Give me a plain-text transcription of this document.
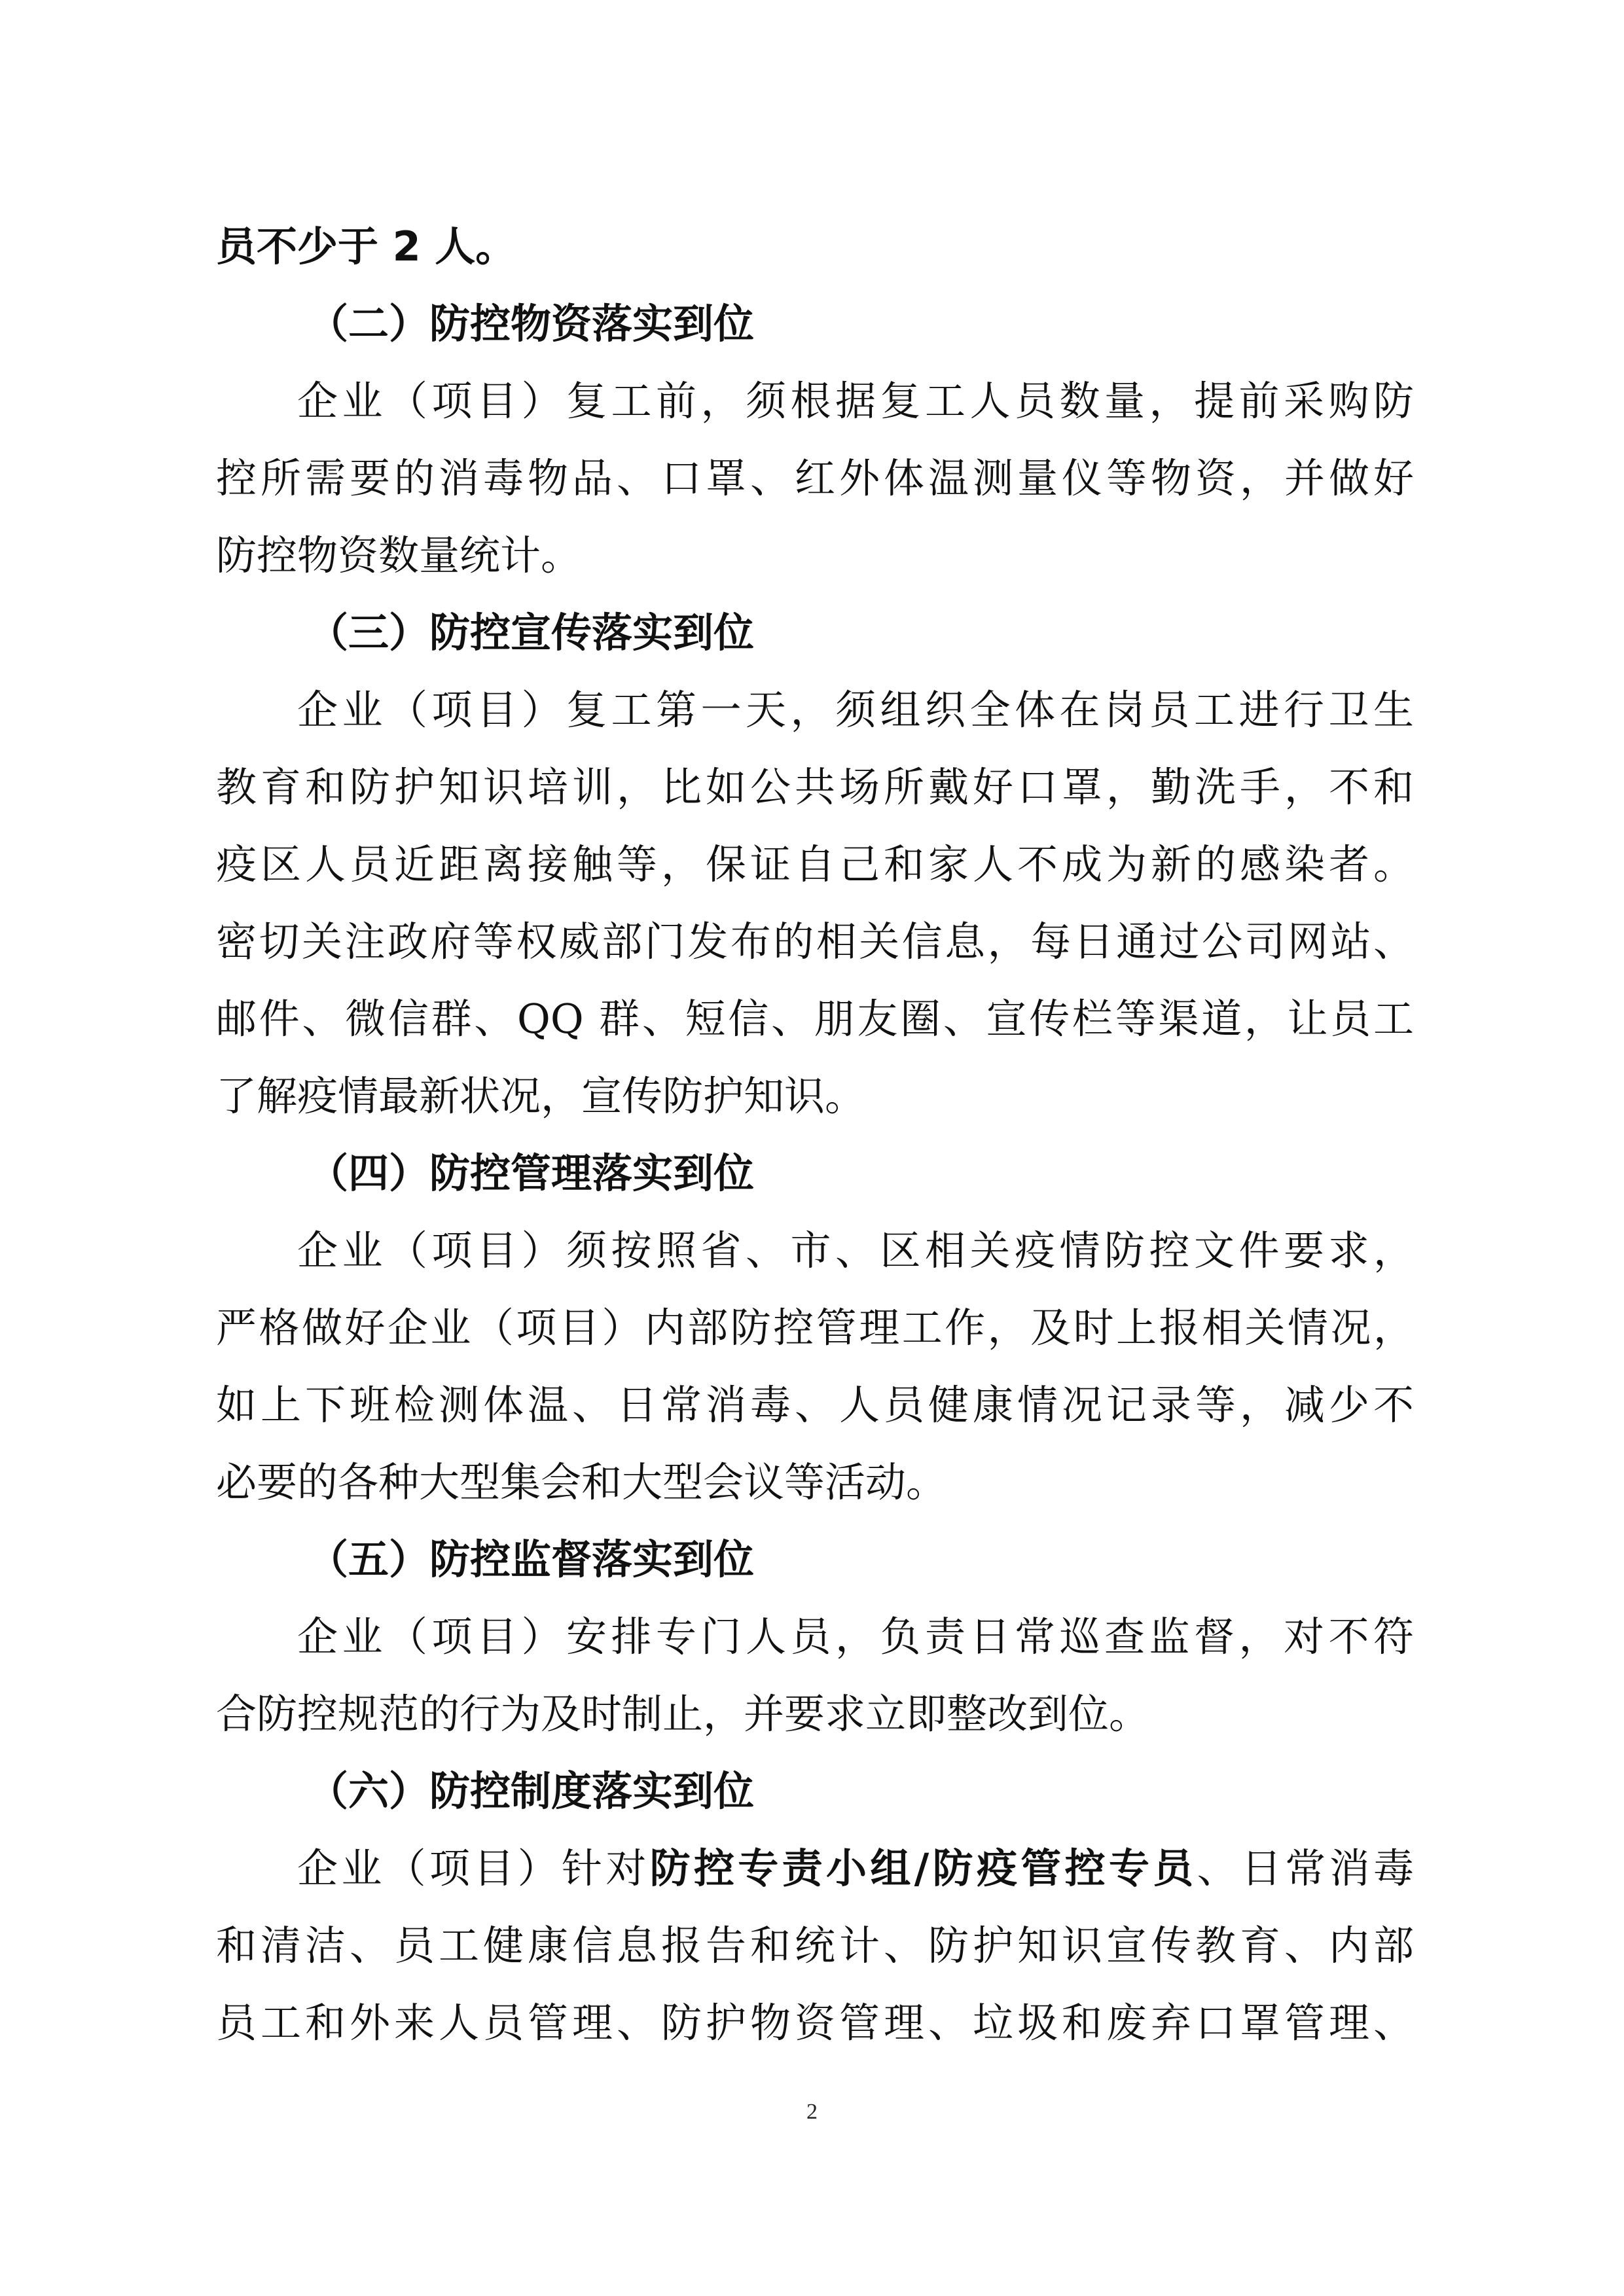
员不少于 2 人。
（二）防控物资落实到位
企业（项目）复工前，须根据复工人员数量，提前采购防
控所需要的消毒物品、口罩、红外体温测量仪等物资，并做好
防控物资数量统计。
（三）防控宣传落实到位
企业（项目）复工第一天，须组织全体在岗员工进行卫生
教育和防护知识培训，比如公共场所戴好口罩，勤洗手，不和
疫区人员近距离接触等，保证自己和家人不成为新的感染者。
密切关注政府等权威部门发布的相关信息，每日通过公司网站、
邮件、微信群、QQ 群、短信、朋友圈、宣传栏等渠道，让员工
了解疫情最新状况，宣传防护知识。
（四）防控管理落实到位
企业（项目）须按照省、市、区相关疫情防控文件要求，
严格做好企业（项目）内部防控管理工作，及时上报相关情况，
如上下班检测体温、日常消毒、人员健康情况记录等，减少不
必要的各种大型集会和大型会议等活动。
（五）防控监督落实到位
企业（项目）安排专门人员，负责日常巡查监督，对不符
合防控规范的行为及时制止，并要求立即整改到位。
（六）防控制度落实到位
企业（项目）针对防控专责小组/防疫管控专员、日常消毒
和清洁、员工健康信息报告和统计、防护知识宣传教育、内部
员工和外来人员管理、防护物资管理、垃圾和废弃口罩管理、
2
